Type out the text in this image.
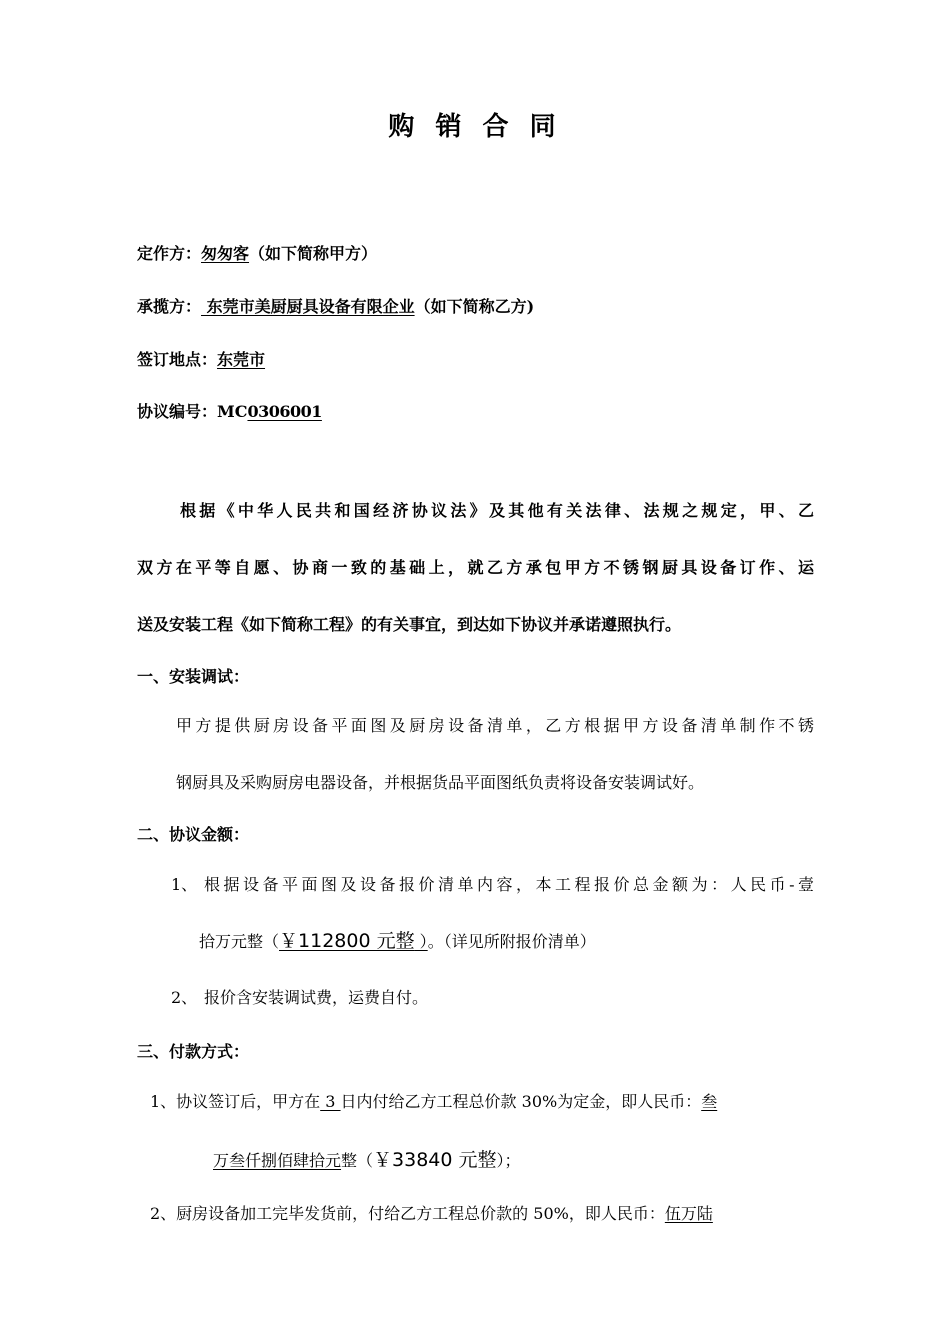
购 销 合 同
定作方：匆匆客（如下简称甲方）
承揽方： 东莞市美厨厨具设备有限企业（如下简称乙方)
签订地点：东莞市
协议编号：MC0306001
根据《中华人民共和国经济协议法》及其他有关法律、法规之规定，甲、乙
双方在平等自愿、协商一致的基础上，就乙方承包甲方不锈钢厨具设备订作、运
送及安装工程《如下简称工程》的有关事宜，到达如下协议并承诺遵照执行。
一、安装调试：
甲方提供厨房设备平面图及厨房设备清单，乙方根据甲方设备清单制作不锈
钢厨具及采购厨房电器设备，并根据货品平面图纸负责将设备安装调试好。
二、协议金额：
1、 根据设备平面图及设备报价清单内容，本工程报价总金额为：人民币-壹
拾万元整（￥112800 元整 ）。（详见所附报价清单）
2、 报价含安装调试费，运费自付。
三、付款方式：
1、协议签订后，甲方在 3 日内付给乙方工程总价款 30%为定金，即人民币：叁
万叁仟捌佰肆拾元整（￥33840 元整）；
2、厨房设备加工完毕发货前，付给乙方工程总价款的 50%，即人民币：伍万陆
